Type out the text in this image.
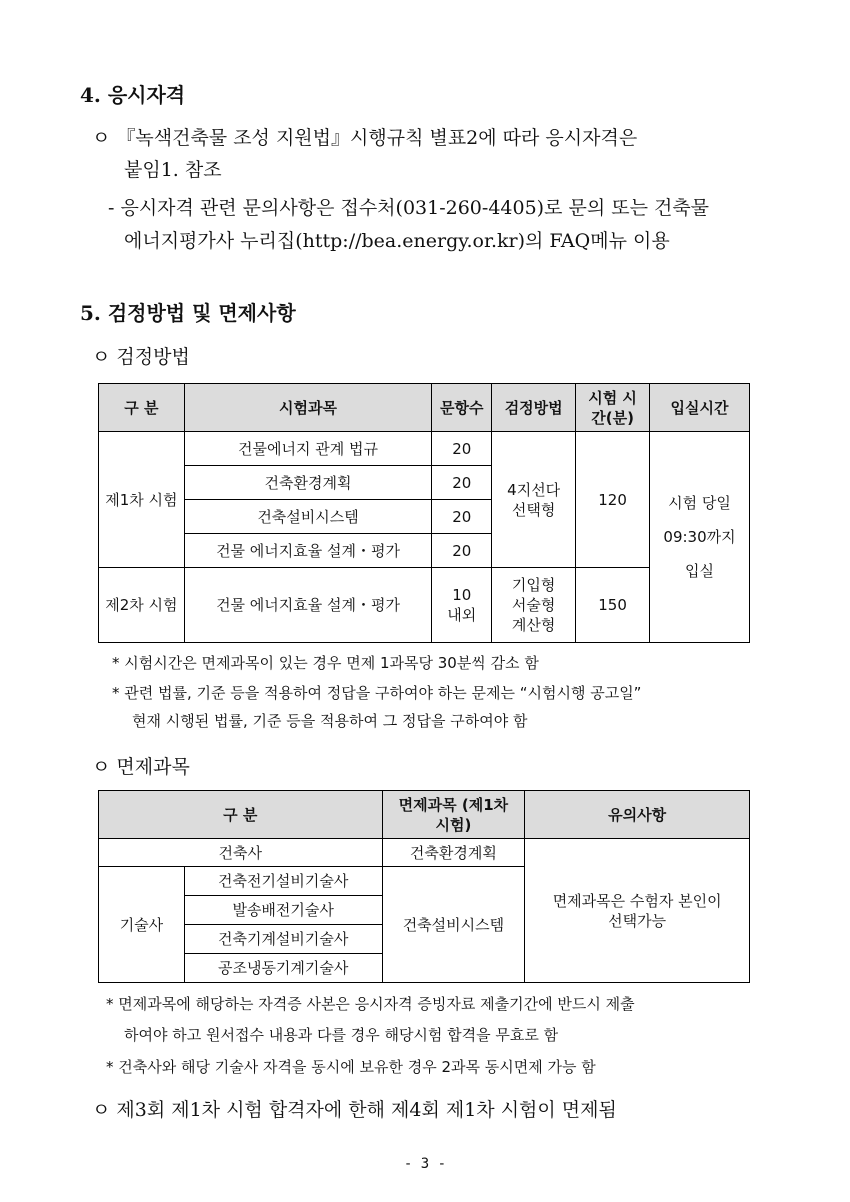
4. 응시자격
ㅇ 『녹색건축물 조성 지원법』시행규칙 별표2에 따라 응시자격은
붙임1. 참조
- 응시자격 관련 문의사항은 접수처(031-260-4405)로 문의 또는 건축물
에너지평가사 누리집(http://bea.energy.or.kr)의 FAQ메뉴 이용
5. 검정방법 및 면제사항
ㅇ 검정방법
구 분	시험과목	문항수	검정방법	시험 시간(분)	입실시간
제1차 시험	건물에너지 관계 법규	20	4지선다 선택형	120	시험 당일 09:30까지 입실
	건축환경계획	20			
	건축설비시스템	20			
	건물 에너지효율 설계・평가	20			
제2차 시험	건물 에너지효율 설계・평가	10 내외	기입형 서술형 계산형	150	
* 시험시간은 면제과목이 있는 경우 면제 1과목당 30분씩 감소 함
* 관련 법률, 기준 등을 적용하여 정답을 구하여야 하는 문제는 “시험시행 공고일”
현재 시행된 법률, 기준 등을 적용하여 그 정답을 구하여야 함
ㅇ 면제과목
구 분		면제과목 (제1차 시험)	유의사항
건축사		건축환경계획	면제과목은 수험자 본인이 선택가능
기술사	건축전기설비기술사	건축설비시스템	
	발송배전기술사		
	건축기계설비기술사		
	공조냉동기계기술사		
* 면제과목에 해당하는 자격증 사본은 응시자격 증빙자료 제출기간에 반드시 제출
하여야 하고 원서접수 내용과 다를 경우 해당시험 합격을 무효로 함
* 건축사와 해당 기술사 자격을 동시에 보유한 경우 2과목 동시면제 가능 함
ㅇ 제3회 제1차 시험 합격자에 한해 제4회 제1차 시험이 면제됨
- 3 -
